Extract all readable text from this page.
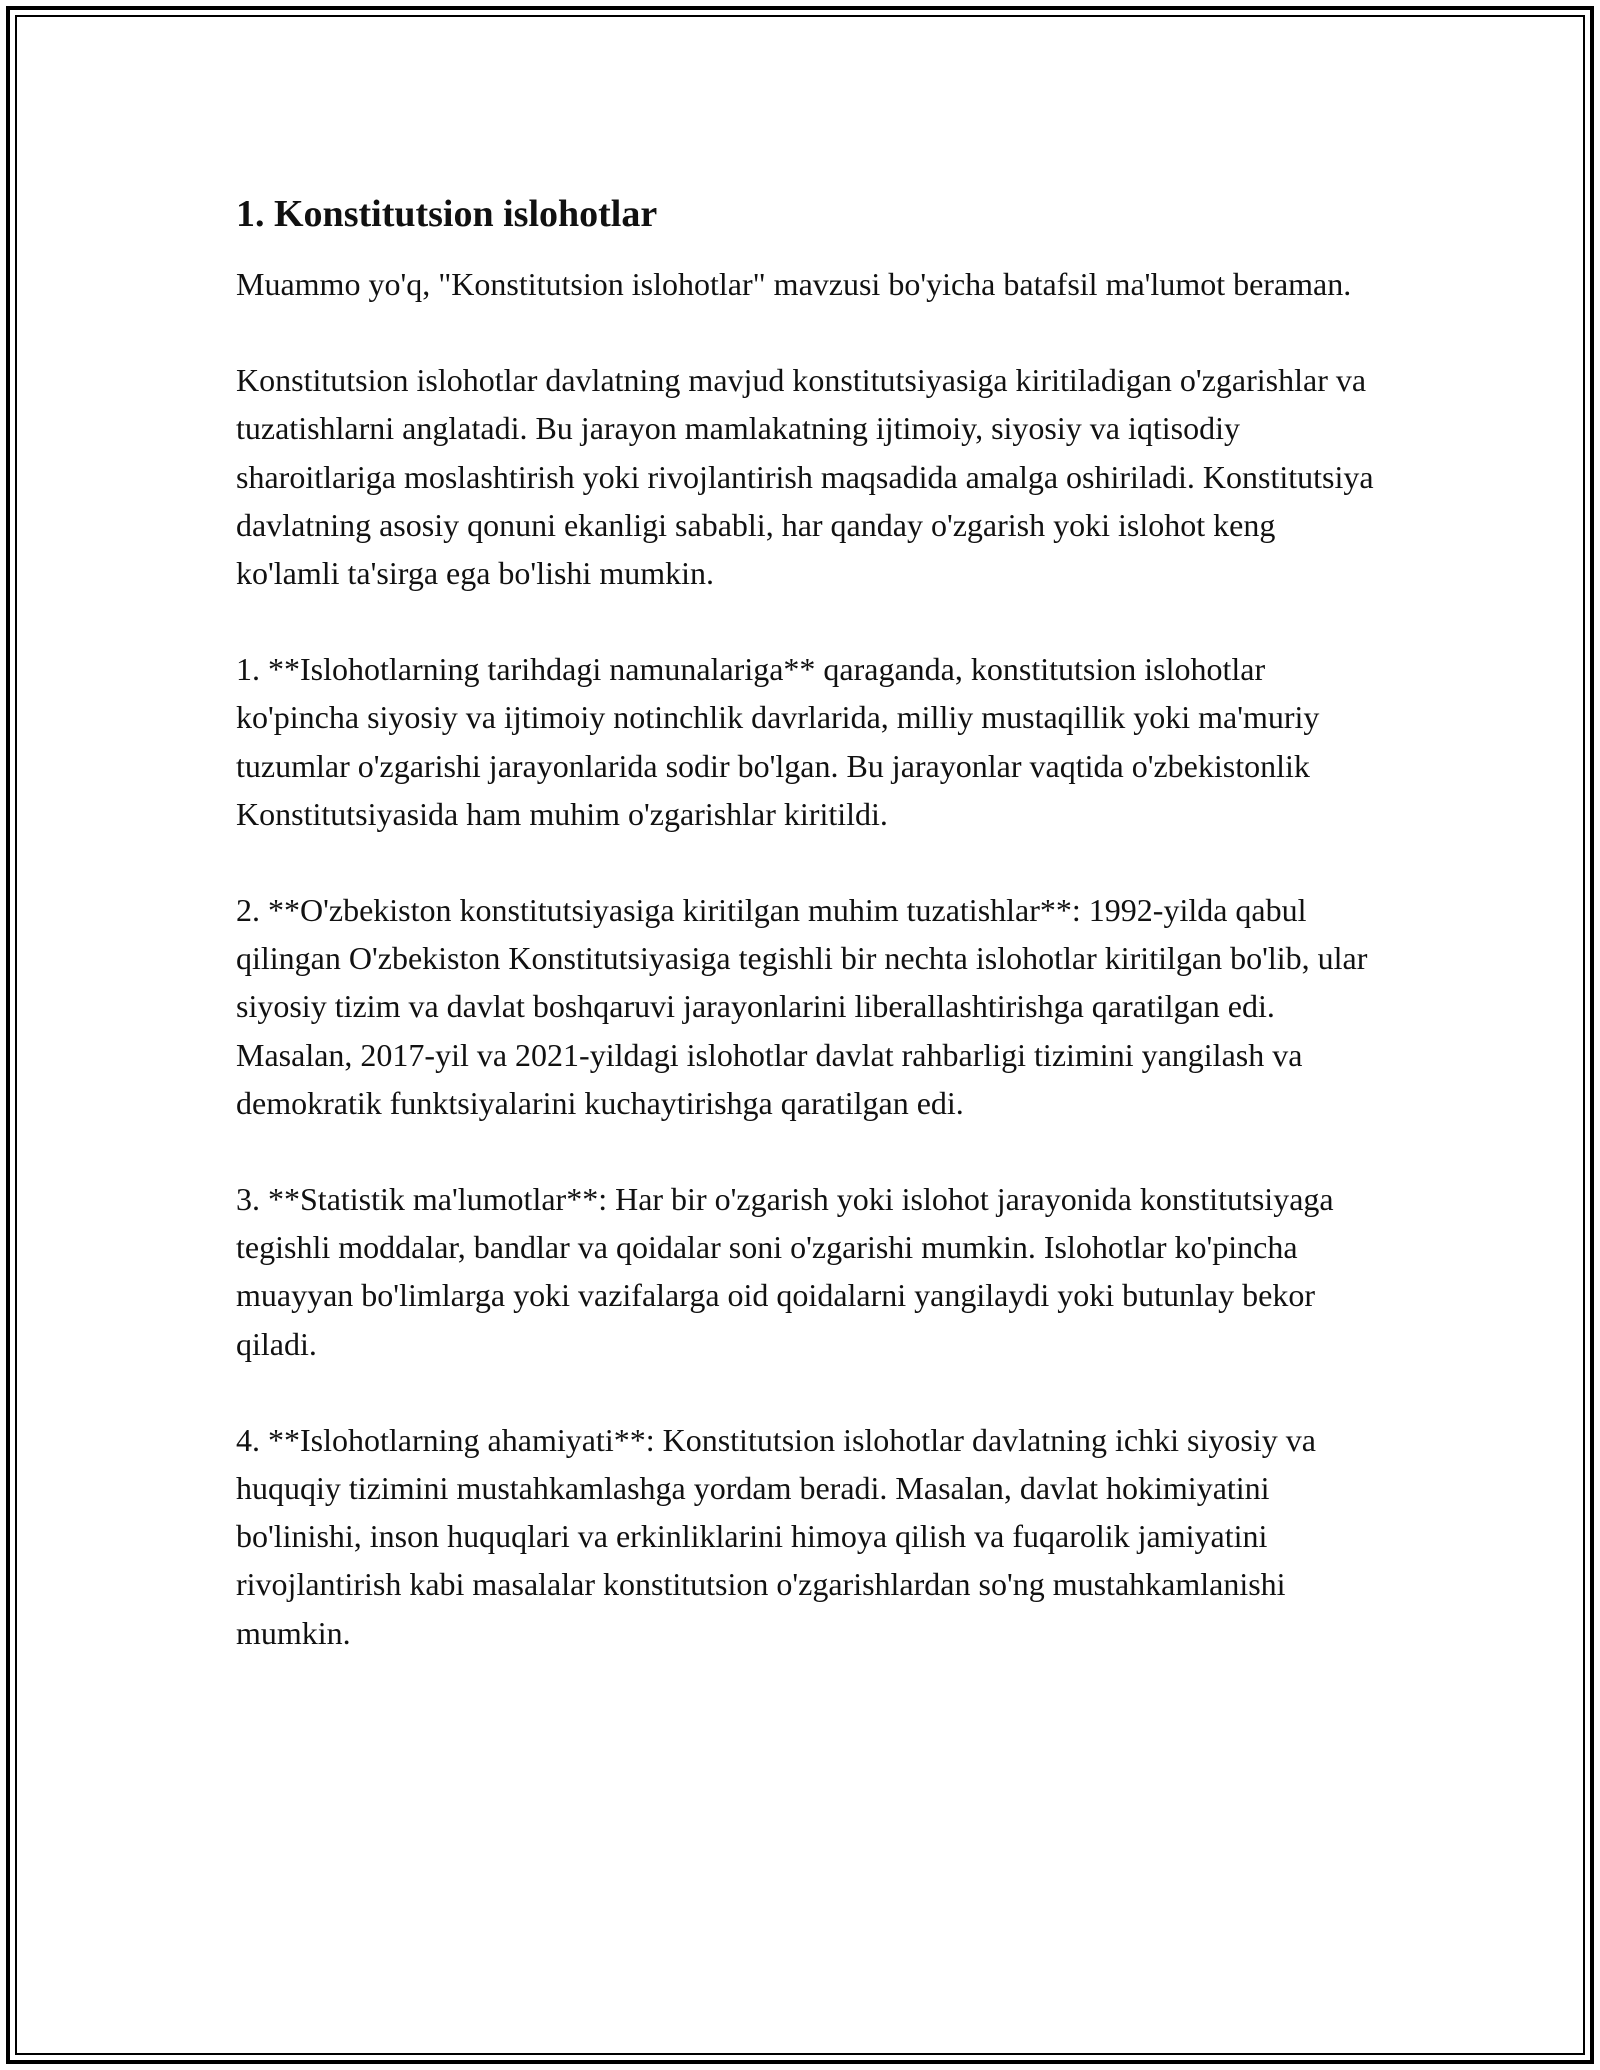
1. Konstitutsion islohotlar

Muammo yo'q, "Konstitutsion islohotlar" mavzusi bo'yicha batafsil ma'lumot beraman.

Konstitutsion islohotlar davlatning mavjud konstitutsiyasiga kiritiladigan o'zgarishlar va tuzatishlarni anglatadi. Bu jarayon mamlakatning ijtimoiy, siyosiy va iqtisodiy sharoitlariga moslashtirish yoki rivojlantirish maqsadida amalga oshiriladi. Konstitutsiya davlatning asosiy qonuni ekanligi sababli, har qanday o'zgarish yoki islohot keng ko'lamli ta'sirga ega bo'lishi mumkin.

1. **Islohotlarning tarihdagi namunalariga** qaraganda, konstitutsion islohotlar ko'pincha siyosiy va ijtimoiy notinchlik davrlarida, milliy mustaqillik yoki ma'muriy tuzumlar o'zgarishi jarayonlarida sodir bo'lgan. Bu jarayonlar vaqtida o'zbekistonlik Konstitutsiyasida ham muhim o'zgarishlar kiritildi.

2. **O'zbekiston konstitutsiyasiga kiritilgan muhim tuzatishlar**: 1992-yilda qabul qilingan O'zbekiston Konstitutsiyasiga tegishli bir nechta islohotlar kiritilgan bo'lib, ular siyosiy tizim va davlat boshqaruvi jarayonlarini liberallashtirishga qaratilgan edi. Masalan, 2017-yil va 2021-yildagi islohotlar davlat rahbarligi tizimini yangilash va demokratik funktsiyalarini kuchaytirishga qaratilgan edi.

3. **Statistik ma'lumotlar**: Har bir o'zgarish yoki islohot jarayonida konstitutsiyaga tegishli moddalar, bandlar va qoidalar soni o'zgarishi mumkin. Islohotlar ko'pincha muayyan bo'limlarga yoki vazifalarga oid qoidalarni yangilaydi yoki butunlay bekor qiladi.

4. **Islohotlarning ahamiyati**: Konstitutsion islohotlar davlatning ichki siyosiy va huquqiy tizimini mustahkamlashga yordam beradi. Masalan, davlat hokimiyatini bo'linishi, inson huquqlari va erkinliklarini himoya qilish va fuqarolik jamiyatini rivojlantirish kabi masalalar konstitutsion o'zgarishlardan so'ng mustahkamlanishi mumkin.
